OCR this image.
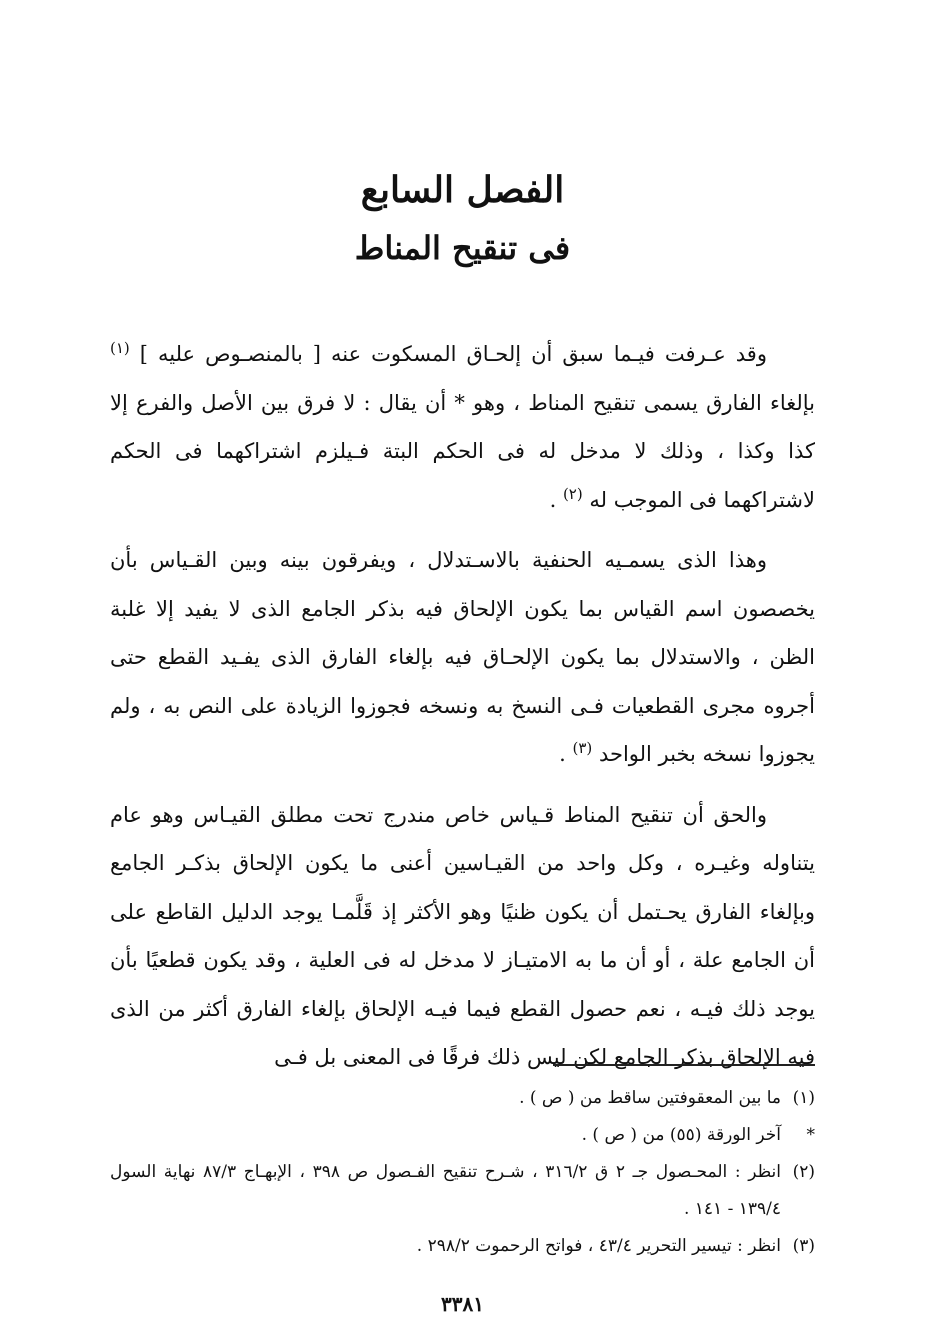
الفصل السابع
فى تنقيح المناط

وقد عـرفت فيـما سبق أن إلحـاق المسكوت عنه [ بالمنصـوص عليه ] $^{(١)}$ بإلغاء الفارق يسمى تنقيح المناط ، وهو * أن يقال : لا فرق بين الأصل والفرع إلا كذا وكذا ، وذلك لا مدخل له فى الحكم البتة فـيلزم اشتراكهما فى الحكم لاشتراكهما فى الموجب له $^{(٢)}$ .

وهذا الذى يسمـيه الحنفية بالاسـتدلال ، ويفرقون بينه وبين القـياس بأن يخصصون اسم القياس بما يكون الإلحاق فيه بذكر الجامع الذى لا يفيد إلا غلبة الظن ، والاستدلال بما يكون الإلحـاق فيه بإلغاء الفارق الذى يفـيد القطع حتى أجروه مجرى القطعيات فـى النسخ به ونسخه فجوزوا الزيادة على النص به ، ولم يجوزوا نسخه بخبر الواحد $^{(٣)}$ .

والحق أن تنقيح المناط قـياس خاص مندرج تحت مطلق القيـاس وهو عام يتناوله وغيـره ، وكل واحد من القيـاسين أعنى ما يكون الإلحاق بذكـر الجامع وبإلغاء الفارق يحـتمل أن يكون ظنيًا وهو الأكثر إذ قَلَّمـا يوجد الدليل القاطع على أن الجامع علة ، أو أن ما به الامتيـاز لا مدخل له فى العلية ، وقد يكون قطعيًا بأن يوجد ذلك فيـه ، نعم حصول القطع فيما فيـه الإلحاق بإلغاء الفارق أكثر من الذى فيه الإلحاق بذكر الجامع لكن ليس ذلك فرقًا فى المعنى بل فـى

(١)
ما بين المعقوفتين ساقط من ( ص ) .
*
آخر الورقة (٥٥) من ( ص ) .
(٢)
انظر : المحـصول جـ ٢ ق ٣١٦/٢ ، شـرح تنقيح الفـصول ص ٣٩٨ ، الإبهـاج ٨٧/٣ نهاية السول ١٣٩/٤ - ١٤١ .
(٣)
انظر : تيسير التحرير ٤٣/٤ ، فواتح الرحموت ٢٩٨/٢ .
٣٣٨١
